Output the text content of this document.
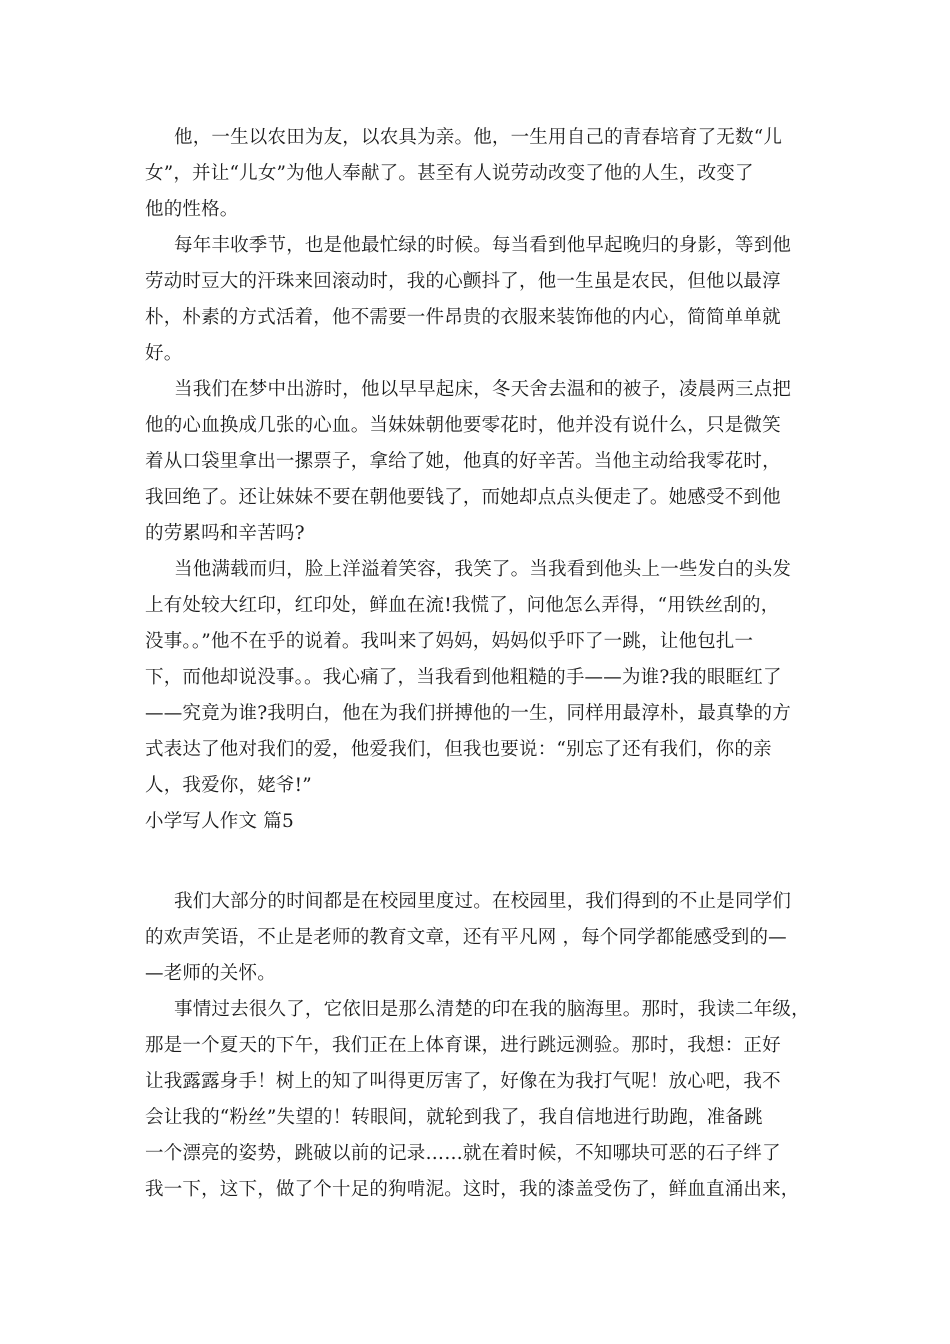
他，一生以农田为友，以农具为亲。他，一生用自己的青春培育了无数“儿
女”，并让“儿女”为他人奉献了。甚至有人说劳动改变了他的人生，改变了
他的性格。
每年丰收季节，也是他最忙绿的时候。每当看到他早起晚归的身影，等到他
劳动时豆大的汗珠来回滚动时，我的心颤抖了，他一生虽是农民，但他以最淳
朴，朴素的方式活着，他不需要一件昂贵的衣服来装饰他的内心，简简单单就
好。
当我们在梦中出游时，他以早早起床，冬天舍去温和的被子，凌晨两三点把
他的心血换成几张的心血。当妹妹朝他要零花时，他并没有说什么，只是微笑
着从口袋里拿出一摞票子，拿给了她，他真的好辛苦。当他主动给我零花时，
我回绝了。还让妹妹不要在朝他要钱了，而她却点点头便走了。她感受不到他
的劳累吗和辛苦吗?
当他满载而归，脸上洋溢着笑容，我笑了。当我看到他头上一些发白的头发
上有处较大红印，红印处，鲜血在流!我慌了，问他怎么弄得，“用铁丝刮的，
没事。。”他不在乎的说着。我叫来了妈妈，妈妈似乎吓了一跳，让他包扎一
下，而他却说没事。。我心痛了，当我看到他粗糙的手——为谁?我的眼眶红了
——究竟为谁?我明白，他在为我们拼搏他的一生，同样用最淳朴，最真挚的方
式表达了他对我们的爱，他爱我们，但我也要说：“别忘了还有我们，你的亲
人，我爱你，姥爷!”
小学写人作文 篇5
我们大部分的时间都是在校园里度过。在校园里，我们得到的不止是同学们
的欢声笑语，不止是老师的教育文章，还有平凡网 ，每个同学都能感受到的—
—老师的关怀。
事情过去很久了，它依旧是那么清楚的印在我的脑海里。那时，我读二年级，
那是一个夏天的下午，我们正在上体育课，进行跳远测验。那时，我想：正好
让我露露身手！树上的知了叫得更厉害了，好像在为我打气呢！放心吧，我不
会让我的“粉丝”失望的！转眼间，就轮到我了，我自信地进行助跑，准备跳
一个漂亮的姿势，跳破以前的记录……就在着时候，不知哪块可恶的石子绊了
我一下，这下，做了个十足的狗啃泥。这时，我的漆盖受伤了，鲜血直涌出来，
